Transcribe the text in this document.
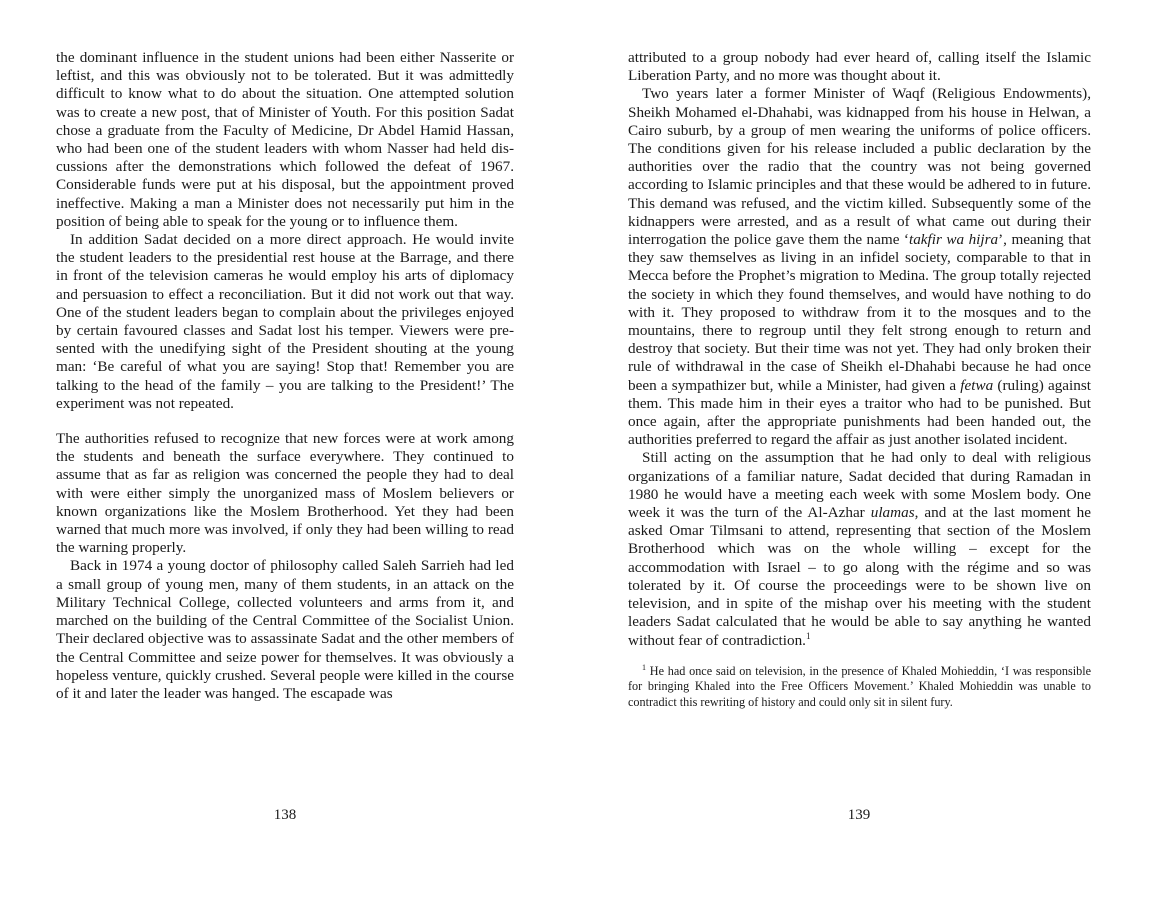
the dominant influence in the student unions had been either Nasserite or leftist, and this was obviously not to be tolerated. But it was admittedly difficult to know what to do about the situation. One attempted solution was to create a new post, that of Minister of Youth. For this position Sadat chose a graduate from the Faculty of Medicine, Dr Abdel Hamid Hassan, who had been one of the student leaders with whom Nasser had held discussions after the demonstrations which followed the defeat of 1967. Considerable funds were put at his disposal, but the appointment proved ineffective. Making a man a Minister does not necessarily put him in the position of being able to speak for the young or to influence them.

In addition Sadat decided on a more direct approach. He would invite the student leaders to the presidential rest house at the Barrage, and there in front of the television cameras he would employ his arts of diplomacy and persuasion to effect a reconciliation. But it did not work out that way. One of the student leaders began to complain about the privileges enjoyed by certain favoured classes and Sadat lost his temper. Viewers were presented with the unedifying sight of the President shouting at the young man: ‘Be careful of what you are saying! Stop that! Remember you are talking to the head of the family – you are talking to the President!’ The experiment was not repeated.

The authorities refused to recognize that new forces were at work among the students and beneath the surface everywhere. They continued to assume that as far as religion was concerned the people they had to deal with were either simply the unorganized mass of Moslem believers or known organizations like the Moslem Brotherhood. Yet they had been warned that much more was involved, if only they had been willing to read the warning properly.

Back in 1974 a young doctor of philosophy called Saleh Sarrieh had led a small group of young men, many of them students, in an attack on the Military Technical College, collected volunteers and arms from it, and marched on the building of the Central Committee of the Socialist Union. Their declared objective was to assassinate Sadat and the other members of the Central Committee and seize power for themselves. It was obviously a hopeless venture, quickly crushed. Several people were killed in the course of it and later the leader was hanged. The escapade was

138

attributed to a group nobody had ever heard of, calling itself the Islamic Liberation Party, and no more was thought about it.

Two years later a former Minister of Waqf (Religious Endowments), Sheikh Mohamed el-Dhahabi, was kidnapped from his house in Helwan, a Cairo suburb, by a group of men wearing the uniforms of police officers. The conditions given for his release included a public declaration by the authorities over the radio that the country was not being governed according to Islamic principles and that these would be adhered to in future. This demand was refused, and the victim killed. Subsequently some of the kidnappers were arrested, and as a result of what came out during their interrogation the police gave them the name ‘takfir wa hijra’, meaning that they saw themselves as living in an infidel society, comparable to that in Mecca before the Prophet’s migration to Medina. The group totally rejected the society in which they found themselves, and would have nothing to do with it. They proposed to withdraw from it to the mosques and to the mountains, there to regroup until they felt strong enough to return and destroy that society. But their time was not yet. They had only broken their rule of withdrawal in the case of Sheikh el-Dhahabi because he had once been a sympathizer but, while a Minister, had given a fetwa (ruling) against them. This made him in their eyes a traitor who had to be punished. But once again, after the appropriate punishments had been handed out, the authorities preferred to regard the affair as just another isolated incident.

Still acting on the assumption that he had only to deal with religious organizations of a familiar nature, Sadat decided that during Ramadan in 1980 he would have a meeting each week with some Moslem body. One week it was the turn of the Al-Azhar ulamas, and at the last moment he asked Omar Tilmsani to attend, representing that section of the Moslem Brotherhood which was on the whole willing – except for the accommodation with Israel – to go along with the régime and so was tolerated by it. Of course the proceedings were to be shown live on television, and in spite of the mishap over his meeting with the student leaders Sadat calculated that he would be able to say anything he wanted without fear of contradiction.$^1$

$^1$ He had once said on television, in the presence of Khaled Mohieddin, ‘I was responsible for bringing Khaled into the Free Officers Movement.’ Khaled Mohieddin was unable to contradict this rewriting of history and could only sit in silent fury.

139
